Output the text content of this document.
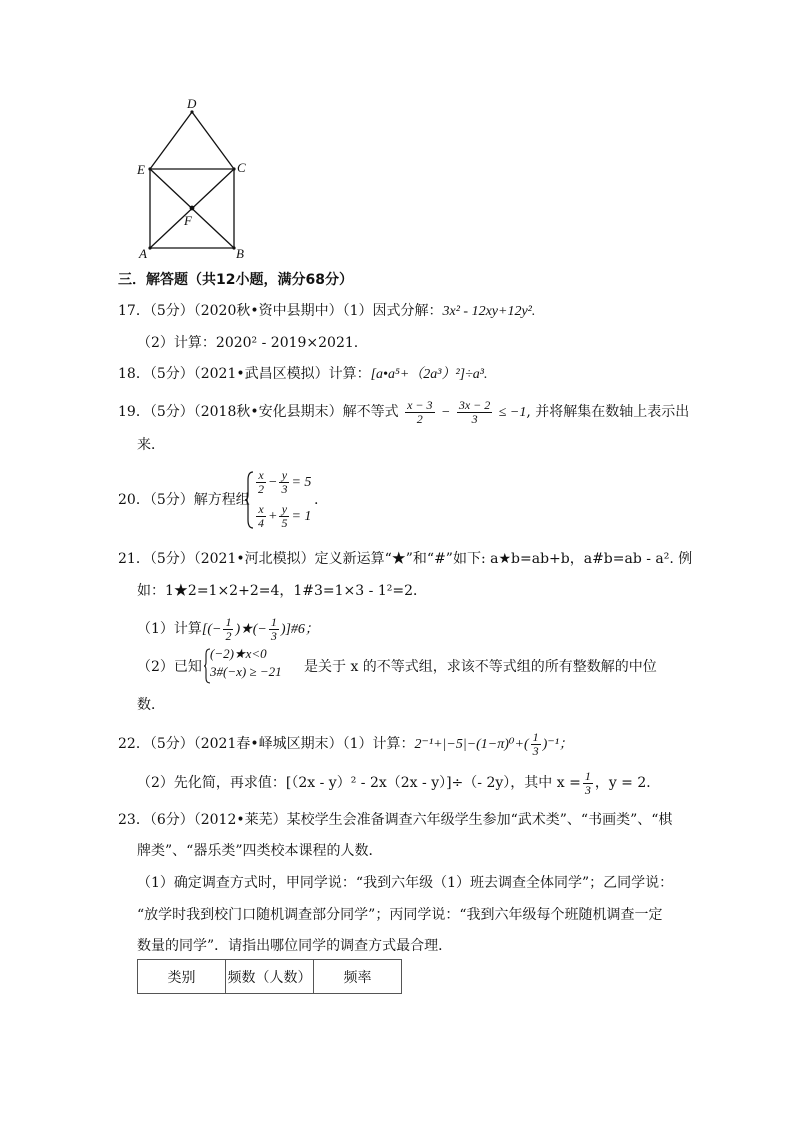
D
E	C
F
A	B
三．解答题（共12小题，满分68分）
17．（5分）（2020秋•资中县期中）（1）因式分解：3x² - 12xy+12y².
（2）计算：2020² - 2019×2021.
18．（5分）（2021•武昌区模拟）计算：[a•a⁵+（2a³）²]÷a³.
19．（5分）（2018秋•安化县期末）解不等式 $\frac{x - 3}{2} - \frac{3x - 2}{3} \le -1$, 并将解集在数轴上表示出
来．
20．（5分）解方程组
$\frac{x}{2} - \frac{y}{3} = 5$
$\frac{x}{4} + \frac{y}{5} = 1$
.
21．（5分）（2021•河北模拟）定义新运算“★”和“#”如下: a★b=ab+b，a#b=ab - a². 例
如：1★2=1×2+2=4，1#3=1×3 - 1²=2．
（1）计算[(− $\frac{1}{2}$ )★(− $\frac{1}{3}$ )]#6；
（2）已知
(−2)★x<0
3#(−x) ≥ −21 是关于 x 的不等式组，求该不等式组的所有整数解的中位
数．
22．（5分）（2021春•峄城区期末）（1）计算：$2^{-1}+|-5|-(1-\pi)^0+( \frac{1}{3} )^{-1}$；
（2）先化简，再求值：[（2x - y）² - 2x（2x - y）]÷（- 2y），其中 $x = \frac{1}{3}$ ，y = 2．
23．（6分）（2012•莱芜）某校学生会准备调查六年级学生参加“武术类”、“书画类”、“棋
牌类”、“器乐类”四类校本课程的人数．
（1）确定调查方式时，甲同学说：“我到六年级（1）班去调查全体同学”；乙同学说：
“放学时我到校门口随机调查部分同学”；丙同学说：“我到六年级每个班随机调查一定
数量的同学”．请指出哪位同学的调查方式最合理．
类别	频数（人数）	频率
